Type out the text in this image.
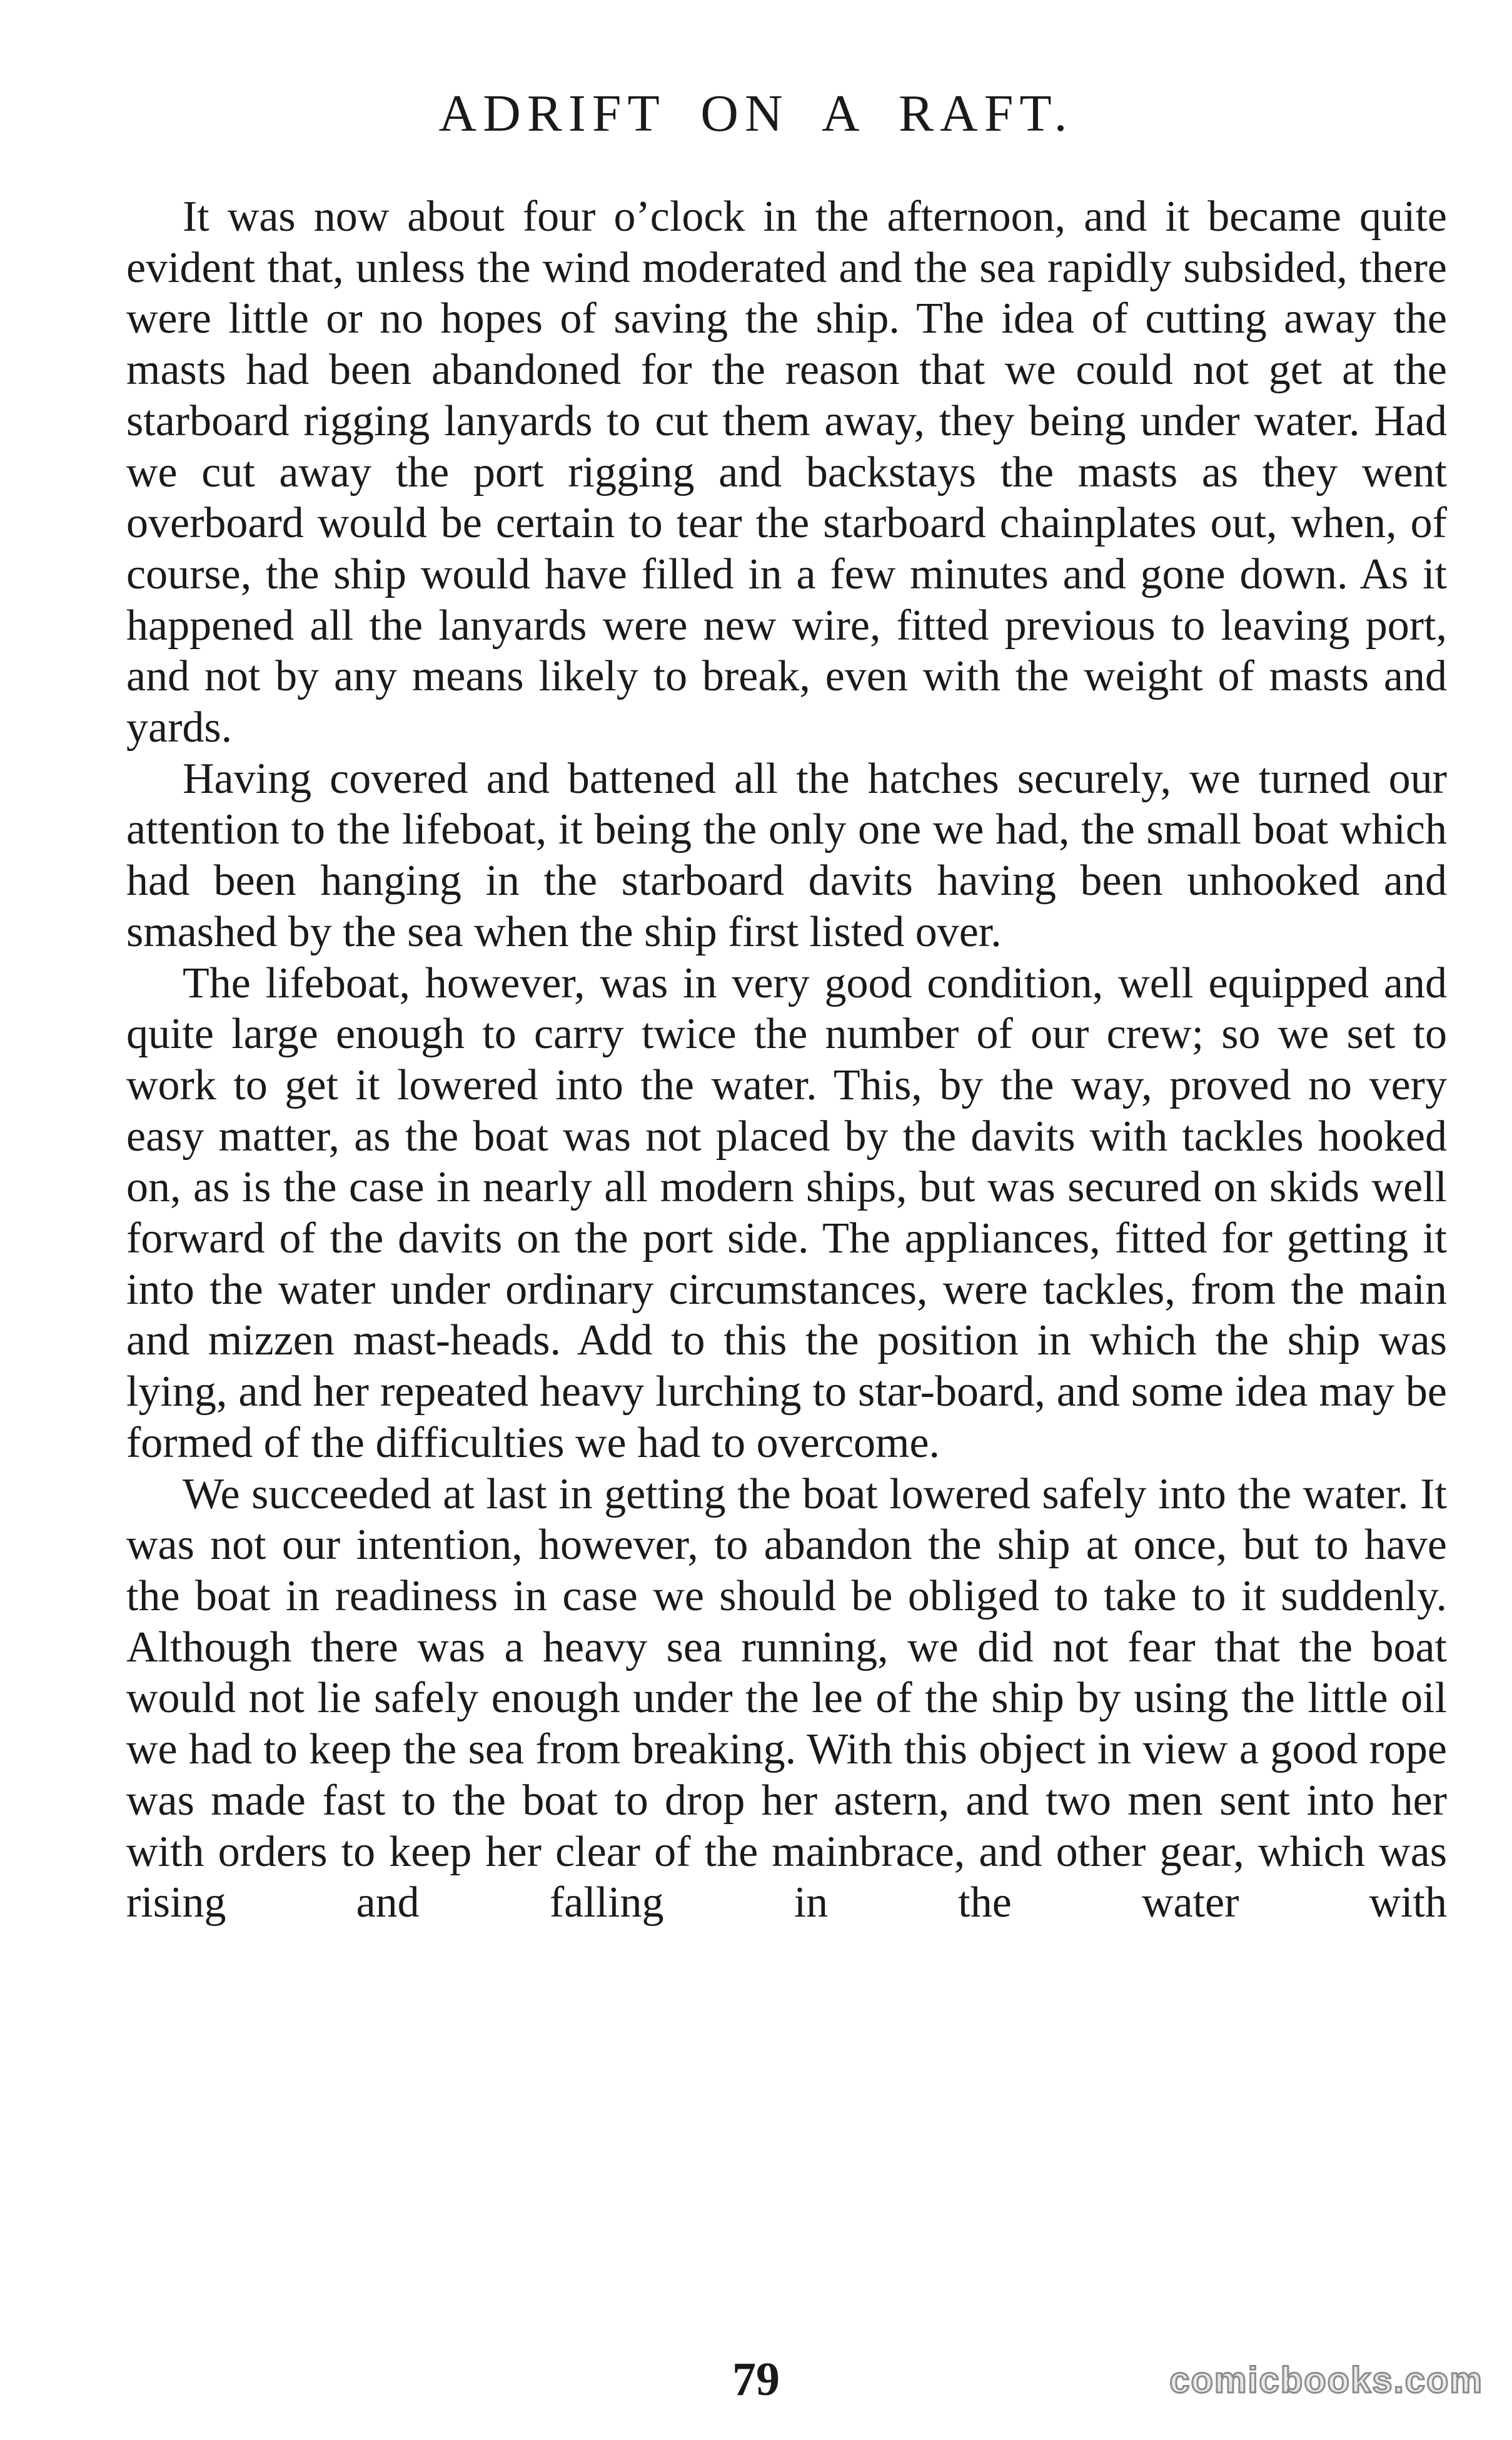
ADRIFT ON A RAFT.

It was now about four o’clock in the afternoon, and it became quite evident that, unless the wind moderated and the sea rapidly subsided, there were little or no hopes of saving the ship. The idea of cutting away the masts had been abandoned for the reason that we could not get at the starboard rigging lanyards to cut them away, they being under water. Had we cut away the port rigging and backstays the masts as they went overboard would be certain to tear the starboard chainplates out, when, of course, the ship would have filled in a few minutes and gone down. As it happened all the lanyards were new wire, fitted previous to leaving port, and not by any means likely to break, even with the weight of masts and yards.

Having covered and battened all the hatches securely, we turned our attention to the lifeboat, it being the only one we had, the small boat which had been hanging in the starboard davits having been unhooked and smashed by the sea when the ship first listed over.

The lifeboat, however, was in very good condition, well equipped and quite large enough to carry twice the number of our crew; so we set to work to get it lowered into the water. This, by the way, proved no very easy matter, as the boat was not placed by the davits with tackles hooked on, as is the case in nearly all modern ships, but was secured on skids well forward of the davits on the port side. The appliances, fitted for getting it into the water under ordinary circumstances, were tackles, from the main and mizzen mast-heads. Add to this the position in which the ship was lying, and her repeated heavy lurching to star-board, and some idea may be formed of the difficulties we had to overcome.

We succeeded at last in getting the boat lowered safely into the water. It was not our intention, however, to abandon the ship at once, but to have the boat in readiness in case we should be obliged to take to it suddenly. Although there was a heavy sea running, we did not fear that the boat would not lie safely enough under the lee of the ship by using the little oil we had to keep the sea from breaking. With this object in view a good rope was made fast to the boat to drop her astern, and two men sent into her with orders to keep her clear of the mainbrace, and other gear, which was rising and falling in the water with

79	comicbooks.com
